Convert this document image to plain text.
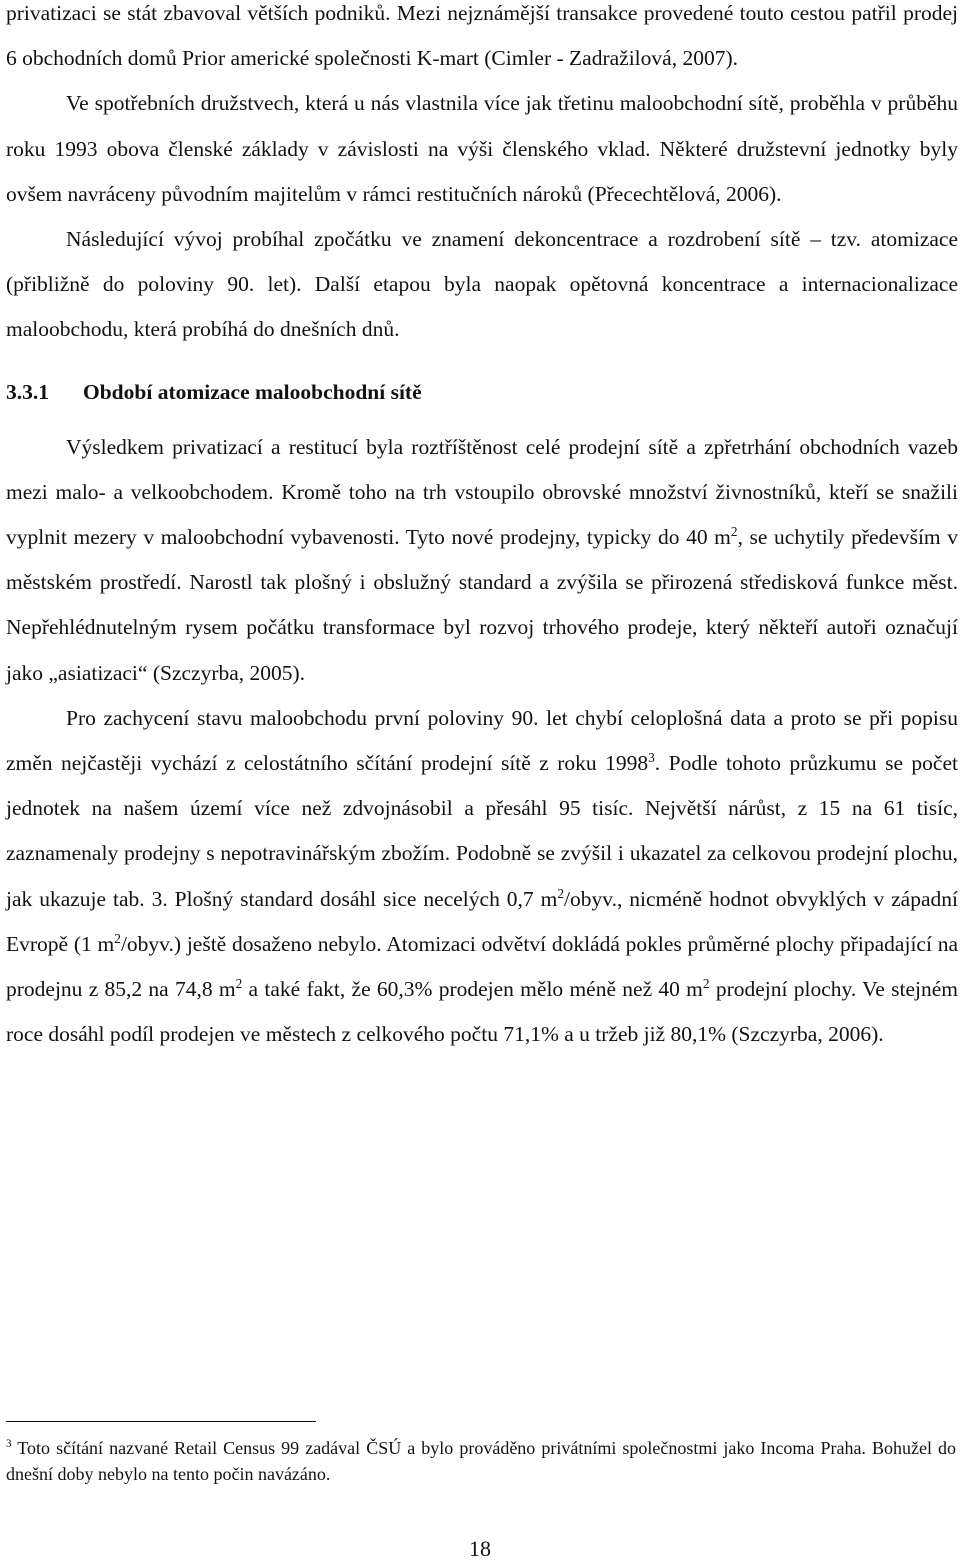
privatizaci se stát zbavoval větších podniků. Mezi nejznámější transakce provedené touto cestou patřil prodej 6 obchodních domů Prior americké společnosti K-mart (Cimler - Zadražilová, 2007).

Ve spotřebních družstvech, která u nás vlastnila více jak třetinu maloobchodní sítě, proběhla v průběhu roku 1993 obova členské základy v závislosti na výši členského vklad. Některé družstevní jednotky byly ovšem navráceny původním majitelům v rámci restitučních nároků (Přecechtělová, 2006).

Následující vývoj probíhal zpočátku ve znamení dekoncentrace a rozdrobení sítě – tzv. atomizace (přibližně do poloviny 90. let). Další etapou byla naopak opětovná koncentrace a internacionalizace maloobchodu, která probíhá do dnešních dnů.

3.3.1 Období atomizace maloobchodní sítě

Výsledkem privatizací a restitucí byla roztříštěnost celé prodejní sítě a zpřetrhání obchodních vazeb mezi malo- a velkoobchodem. Kromě toho na trh vstoupilo obrovské množství živnostníků, kteří se snažili vyplnit mezery v maloobchodní vybavenosti. Tyto nové prodejny, typicky do 40 $m^2$, se uchytily především v městském prostředí. Narostl tak plošný i obslužný standard a zvýšila se přirozená středisková funkce měst. Nepřehlédnutelným rysem počátku transformace byl rozvoj trhového prodeje, který někteří autoři označují jako „asiatizaci“ (Szczyrba, 2005).

Pro zachycení stavu maloobchodu první poloviny 90. let chybí celoplošná data a proto se při popisu změn nejčastěji vychází z celostátního sčítání prodejní sítě z roku 1998$^3$. Podle tohoto průzkumu se počet jednotek na našem území více než zdvojnásobil a přesáhl 95 tisíc. Největší nárůst, z 15 na 61 tisíc, zaznamenaly prodejny s nepotravinářským zbožím. Podobně se zvýšil i ukazatel za celkovou prodejní plochu, jak ukazuje tab. 3. Plošný standard dosáhl sice necelých 0,7 $m^2$/obyv., nicméně hodnot obvyklých v západní Evropě (1 $m^2/obyv$.) ještě dosaženo nebylo. Atomizaci odvětví dokládá pokles průměrné plochy připadající na prodejnu z 85,2 na 74,8 $m^2$ a také fakt, že 60,3% prodejen mělo méně než 40 $m^2$ prodejní plochy. Ve stejném roce dosáhl podíl prodejen ve městech z celkového počtu 71,1% a u tržeb již 80,1% (Szczyrba, 2006).

$^3$ Toto sčítání nazvané Retail Census 99 zadával ČSÚ a bylo prováděno privátními společnostmi jako Incoma Praha. Bohužel do dnešní doby nebylo na tento počin navázáno.
18
